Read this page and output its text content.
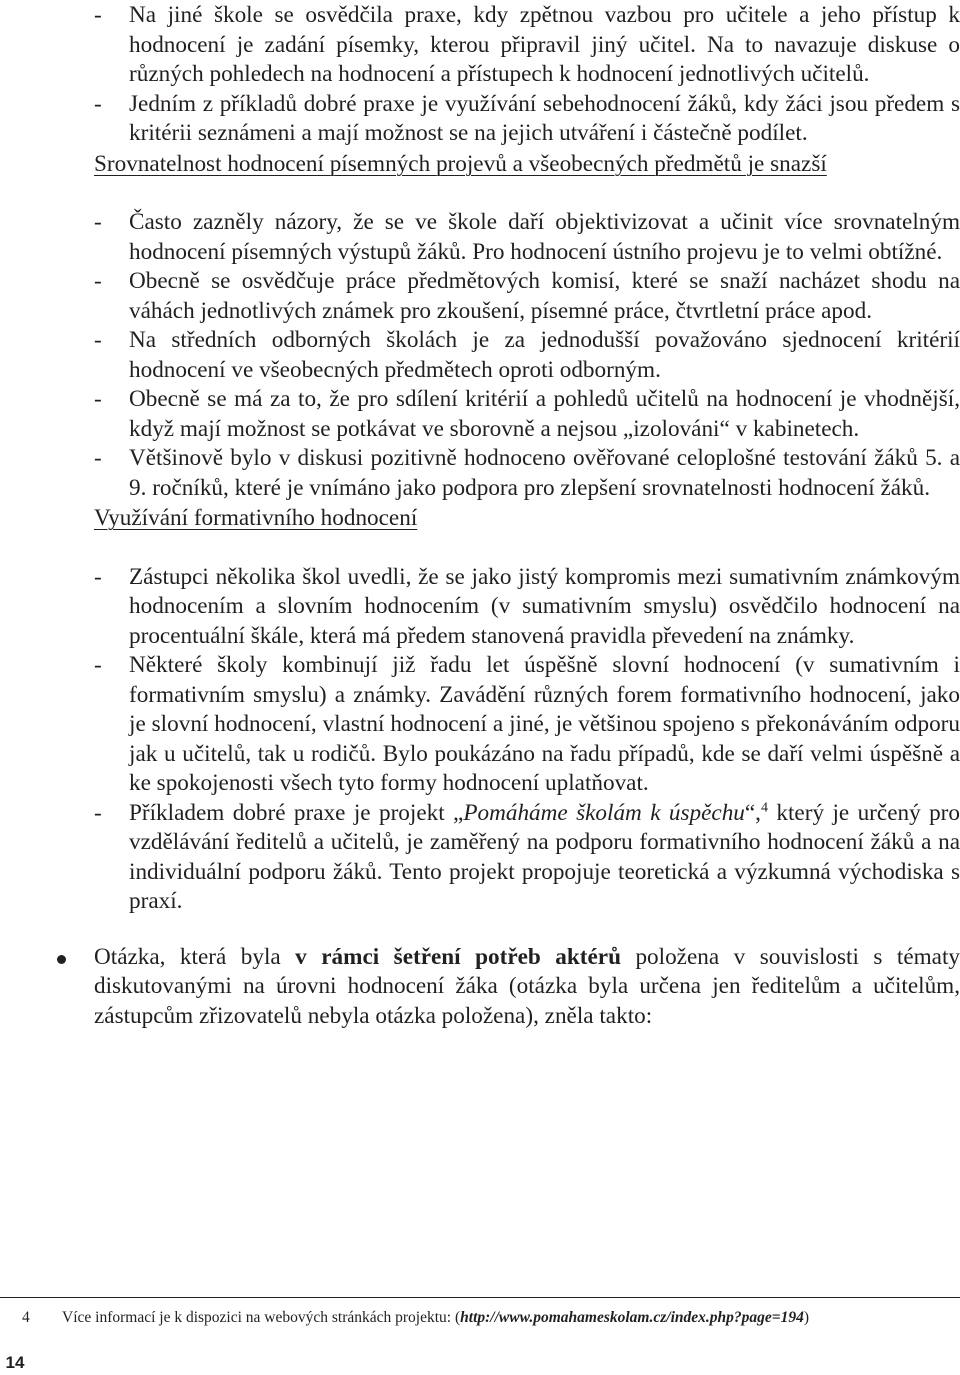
- Na jiné škole se osvědčila praxe, kdy zpětnou vazbou pro učitele a jeho přístup k hodnocení je zadání písemky, kterou připravil jiný učitel. Na to navazuje diskuse o různých pohledech na hodnocení a přístupech k hodnocení jednotlivých učitelů.
- Jedním z příkladů dobré praxe je využívání sebehodnocení žáků, kdy žáci jsou předem s kritérii seznámeni a mají možnost se na jejich utváření i částečně podílet.

Srovnatelnost hodnocení písemných projevů a všeobecných předmětů je snazší

- Často zazněly názory, že se ve škole daří objektivizovat a učinit více srovnatelným hodnocení písemných výstupů žáků. Pro hodnocení ústního projevu je to velmi obtížné.
- Obecně se osvědčuje práce předmětových komisí, které se snaží nacházet shodu na váhách jednotlivých známek pro zkoušení, písemné práce, čtvrtletní práce apod.
- Na středních odborných školách je za jednodušší považováno sjednocení kritérií hodnocení ve všeobecných předmětech oproti odborným.
- Obecně se má za to, že pro sdílení kritérií a pohledů učitelů na hodnocení je vhodnější, když mají možnost se potkávat ve sborovně a nejsou „izolováni“ v kabinetech.
- Většinově bylo v diskusi pozitivně hodnoceno ověřované celoplošné testování žáků 5. a 9. ročníků, které je vnímáno jako podpora pro zlepšení srovnatelnosti hodnocení žáků.

Využívání formativního hodnocení

- Zástupci několika škol uvedli, že se jako jistý kompromis mezi sumativním známkovým hodnocením a slovním hodnocením (v sumativním smyslu) osvědčilo hodnocení na procentuální škále, která má předem stanovená pravidla převedení na známky.
- Některé školy kombinují již řadu let úspěšně slovní hodnocení (v sumativním i formativním smyslu) a známky. Zavádění různých forem formativního hodnocení, jako je slovní hodnocení, vlastní hodnocení a jiné, je většinou spojeno s překonáváním odporu jak u učitelů, tak u rodičů. Bylo poukázáno na řadu případů, kde se daří velmi úspěšně a ke spokojenosti všech tyto formy hodnocení uplatňovat.
- Příkladem dobré praxe je projekt „Pomáháme školám k úspěchu“,$^4$ který je určený pro vzdělávání ředitelů a učitelů, je zaměřený na podporu formativního hodnocení žáků a na individuální podporu žáků. Tento projekt propojuje teoretická a výzkumná východiska s praxí.

Otázka, která byla v rámci šetření potřeb aktérů položena v souvislosti s tématy diskutovanými na úrovni hodnocení žáka (otázka byla určena jen ředitelům a učitelům, zástupcům zřizovatelů nebyla otázka položena), zněla takto:

4 Více informací je k dispozici na webových stránkách projektu: (http://www.pomahameskolam.cz/index.php?page=194)
14
